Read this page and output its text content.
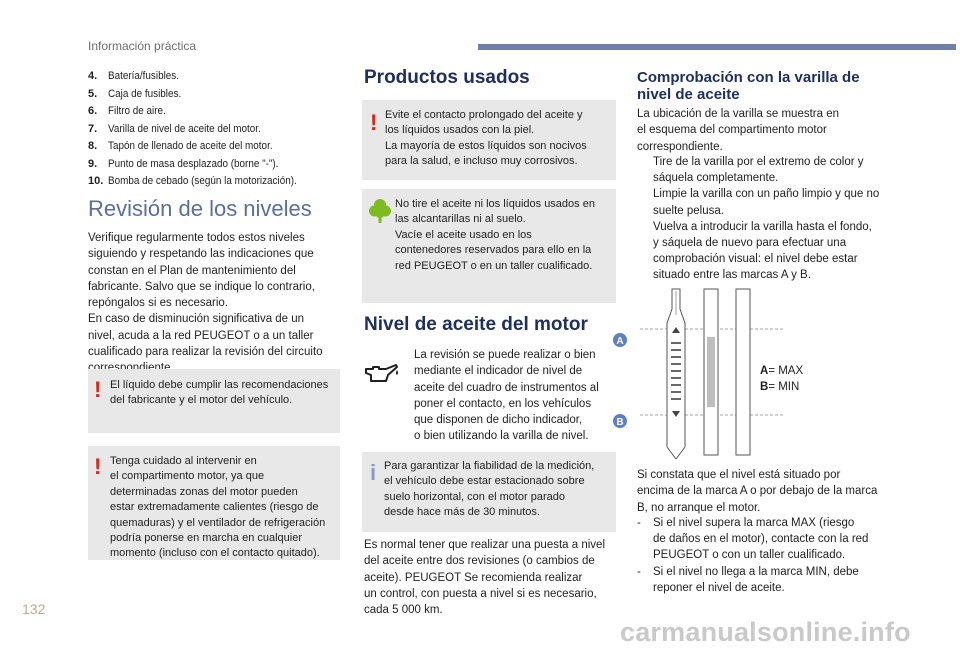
Información práctica
4. Batería/fusibles.
5. Caja de fusibles.
6. Filtro de aire.
7. Varilla de nivel de aceite del motor.
8. Tapón de llenado de aceite del motor.
9. Punto de masa desplazado (borne "-").
10. Bomba de cebado (según la motorización).
Revisión de los niveles
Verifique regularmente todos estos niveles
siguiendo y respetando las indicaciones que
constan en el Plan de mantenimiento del
fabricante. Salvo que se indique lo contrario,
repóngalos si es necesario.
En caso de disminución significativa de un
nivel, acuda a la red PEUGEOT o a un taller
cualificado para realizar la revisión del circuito
! El líquido debe cumplir las recomendaciones
del fabricante y el motor del vehículo.
! Tenga cuidado al intervenir en
el compartimento motor, ya que
determinadas zonas del motor pueden
estar extremadamente calientes (riesgo de
quemaduras) y el ventilador de refrigeración
podría ponerse en marcha en cualquier
momento (incluso con el contacto quitado).
Productos usados
! Evite el contacto prolongado del aceite y
los líquidos usados con la piel.
La mayoría de estos líquidos son nocivos
para la salud, e incluso muy corrosivos.
No tire el aceite ni los líquidos usados en
las alcantarillas ni al suelo.
Vacíe el aceite usado en los
contenedores reservados para ello en la
red PEUGEOT o en un taller cualificado.
Nivel de aceite del motor
La revisión se puede realizar o bien
mediante el indicador de nivel de
aceite del cuadro de instrumentos al
poner el contacto, en los vehículos
que disponen de dicho indicador,
o bien utilizando la varilla de nivel.
i Para garantizar la fiabilidad de la medición,
el vehículo debe estar estacionado sobre
suelo horizontal, con el motor parado
desde hace más de 30 minutos.
Es normal tener que realizar una puesta a nivel
del aceite entre dos revisiones (o cambios de
aceite). PEUGEOT Se recomienda realizar
un control, con puesta a nivel si es necesario,
cada 5 000 km.
Comprobación con la varilla de
nivel de aceite
La ubicación de la varilla se muestra en
el esquema del compartimento motor
correspondiente.
Tire de la varilla por el extremo de color y
sáquela completamente.
Limpie la varilla con un paño limpio y que no
suelte pelusa.
Vuelva a introducir la varilla hasta el fondo,
y sáquela de nuevo para efectuar una
comprobación visual: el nivel debe estar
situado entre las marcas A y B.
A
B
A= MAX
B= MIN
Si constata que el nivel está situado por
encima de la marca A o por debajo de la marca
B, no arranque el motor.
-	Si el nivel supera la marca MAX (riesgo
de daños en el motor), contacte con la red
PEUGEOT o con un taller cualificado.
-	Si el nivel no llega a la marca MIN, debe
reponer el nivel de aceite.
132
carmanualsonline.info
